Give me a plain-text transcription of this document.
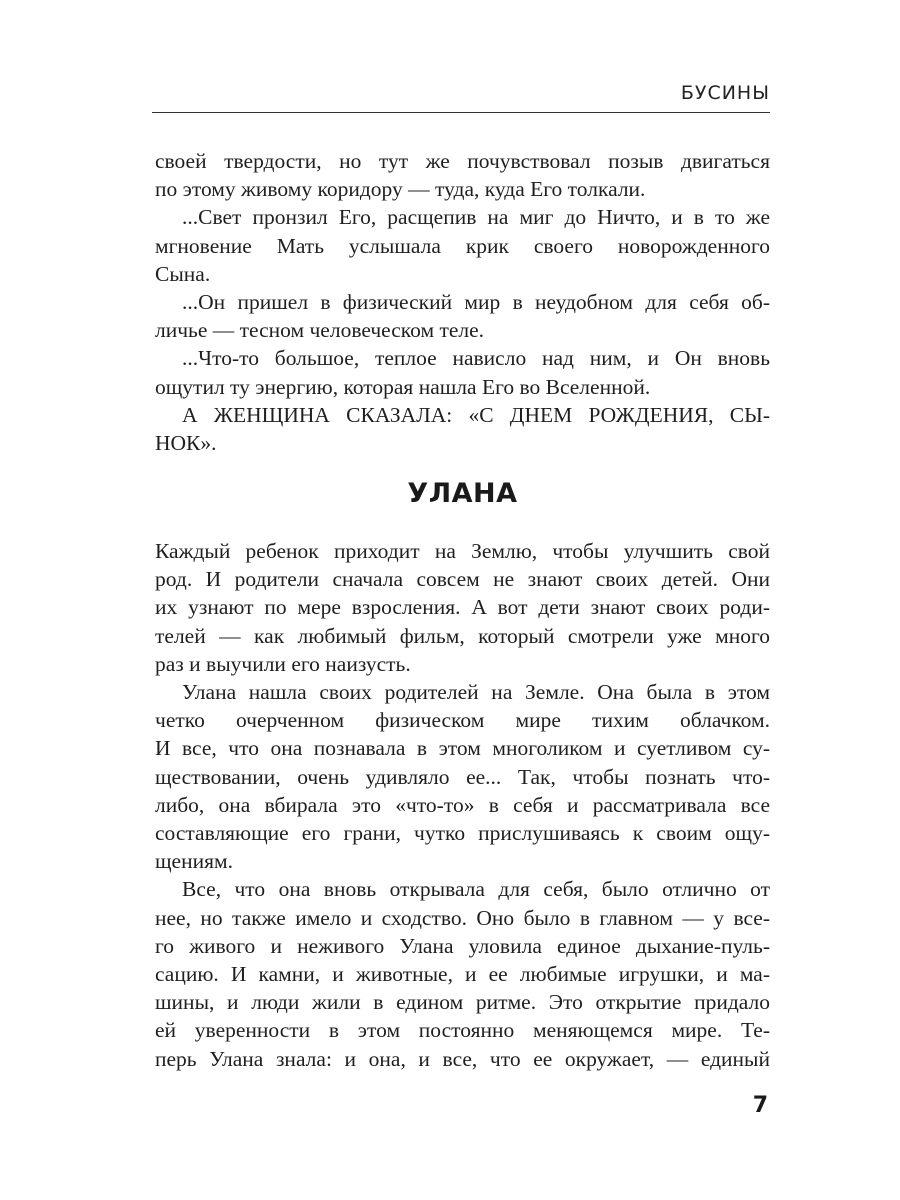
БУСИНЫ
своей твердости, но тут же почувствовал позыв двигаться
по этому живому коридору — туда, куда Его толкали.
...Свет пронзил Его, расщепив на миг до Ничто, и в то же
мгновение Мать услышала крик своего новорожденного
Сына.
...Он пришел в физический мир в неудобном для себя об-
личье — тесном человеческом теле.
...Что-то большое, теплое нависло над ним, и Он вновь
ощутил ту энергию, которая нашла Его во Вселенной.
А ЖЕНЩИНА СКАЗАЛА: «С ДНЕМ РОЖДЕНИЯ, СЫ-
НОК».
УЛАНА
Каждый ребенок приходит на Землю, чтобы улучшить свой
род. И родители сначала совсем не знают своих детей. Они
их узнают по мере взросления. А вот дети знают своих роди-
телей — как любимый фильм, который смотрели уже много
раз и выучили его наизусть.
Улана нашла своих родителей на Земле. Она была в этом
четко очерченном физическом мире тихим облачком.
И все, что она познавала в этом многоликом и суетливом су-
ществовании, очень удивляло ее... Так, чтобы познать что-
либо, она вбирала это «что-то» в себя и рассматривала все
составляющие его грани, чутко прислушиваясь к своим ощу-
щениям.
Все, что она вновь открывала для себя, было отлично от
нее, но также имело и сходство. Оно было в главном — у все-
го живого и неживого Улана уловила единое дыхание-пуль-
сацию. И камни, и животные, и ее любимые игрушки, и ма-
шины, и люди жили в едином ритме. Это открытие придало
ей уверенности в этом постоянно меняющемся мире. Те-
перь Улана знала: и она, и все, что ее окружает, — единый
7
